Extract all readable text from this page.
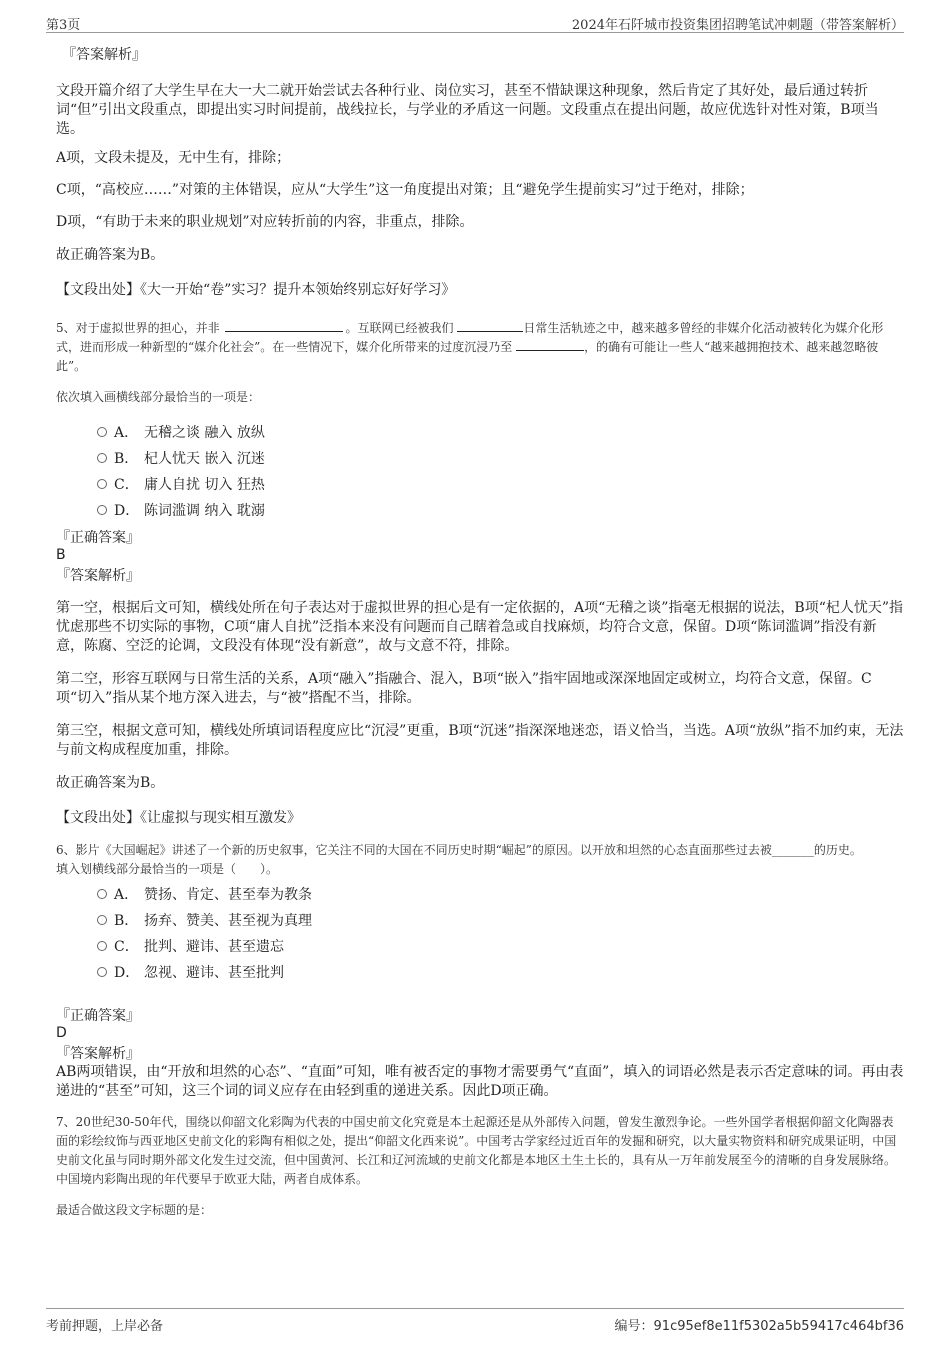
第3页	2024年石阡城市投资集团招聘笔试冲刺题（带答案解析）

『答案解析』

文段开篇介绍了大学生早在大一大二就开始尝试去各种行业、岗位实习，甚至不惜缺课这种现象，然后肯定了其好处，最后通过转折词“但”引出文段重点，即提出实习时间提前，战线拉长，与学业的矛盾这一问题。文段重点在提出问题，故应优选针对性对策，B项当选。

A项，文段未提及，无中生有，排除；

C项，“高校应……”对策的主体错误，应从“大学生”这一角度提出对策；且“避免学生提前实习”过于绝对，排除；

D项，“有助于未来的职业规划”对应转折前的内容，非重点，排除。

故正确答案为B。

【文段出处】《大一开始“卷”实习？提升本领始终别忘好好学习》

5、对于虚拟世界的担心，并非	。互联网已经被我们	日常生活轨迹之中，越来越多曾经的非媒介化活动被转化为媒介化形式，进而形成一种新型的“媒介化社会”。在一些情况下，媒介化所带来的过度沉浸乃至	，的确有可能让一些人“越来越拥抱技术、越来越忽略彼此”。

依次填入画横线部分最恰当的一项是：

A． 无稽之谈 融入 放纵
B． 杞人忧天 嵌入 沉迷
C． 庸人自扰 切入 狂热
D． 陈词滥调 纳入 耽溺

『正确答案』

B

『答案解析』

第一空，根据后文可知，横线处所在句子表达对于虚拟世界的担心是有一定依据的，A项“无稽之谈”指毫无根据的说法，B项“杞人忧天”指忧虑那些不切实际的事物，C项“庸人自扰”泛指本来没有问题而自己瞎着急或自找麻烦，均符合文意，保留。D项“陈词滥调”指没有新意，陈腐、空泛的论调，文段没有体现“没有新意”，故与文意不符，排除。

第二空，形容互联网与日常生活的关系，A项“融入”指融合、混入，B项“嵌入”指牢固地或深深地固定或树立，均符合文意，保留。C项“切入”指从某个地方深入进去，与“被”搭配不当，排除。

第三空，根据文意可知，横线处所填词语程度应比“沉浸”更重，B项“沉迷”指深深地迷恋，语义恰当，当选。A项“放纵”指不加约束，无法与前文构成程度加重，排除。

故正确答案为B。

【文段出处】《让虚拟与现实相互激发》

6、影片《大国崛起》讲述了一个新的历史叙事，它关注不同的大国在不同历史时期“崛起”的原因。以开放和坦然的心态直面那些过去被_______的历史。

填入划横线部分最恰当的一项是（　　）。

A． 赞扬、肯定、甚至奉为教条
B． 扬弃、赞美、甚至视为真理
C． 批判、避讳、甚至遗忘
D． 忽视、避讳、甚至批判

『正确答案』

D

『答案解析』

AB两项错误，由“开放和坦然的心态”、“直面”可知，唯有被否定的事物才需要勇气“直面”，填入的词语必然是表示否定意味的词。再由表递进的“甚至”可知，这三个词的词义应存在由轻到重的递进关系。因此D项正确。

7、20世纪30-50年代，围绕以仰韶文化彩陶为代表的中国史前文化究竟是本土起源还是从外部传入问题，曾发生激烈争论。一些外国学者根据仰韶文化陶器表面的彩绘纹饰与西亚地区史前文化的彩陶有相似之处，提出“仰韶文化西来说”。中国考古学家经过近百年的发掘和研究，以大量实物资料和研究成果证明，中国史前文化虽与同时期外部文化发生过交流，但中国黄河、长江和辽河流域的史前文化都是本地区土生土长的，具有从一万年前发展至今的清晰的自身发展脉络。中国境内彩陶出现的年代要早于欧亚大陆，两者自成体系。

最适合做这段文字标题的是：

考前押题，上岸必备	编号：91c95ef8e11f5302a5b59417c464bf36
